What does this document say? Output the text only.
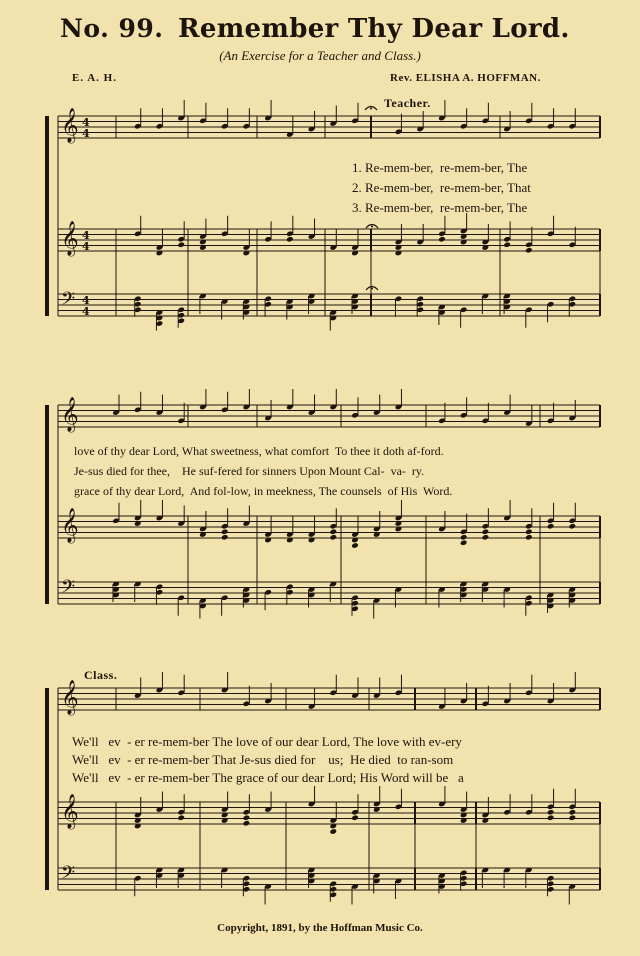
No. 99. Remember Thy Dear Lord.
(An Exercise for a Teacher and Class.)
E. A. H.	Rev. ELISHA A. HOFFMAN.
Teacher.
Class.
𝄞 4
4
𝄞 4
4
𝄢 4
4
𝄞
𝄞
𝄢
𝄞
𝄞
𝄢
1. Re-mem-ber,  re-mem-ber, The
2. Re-mem-ber,  re-mem-ber, That
3. Re-mem-ber,  re-mem-ber, The
love of thy dear Lord, What sweetness, what comfort  To thee it doth af-ford.
Je-sus died for thee,    He suf-fered for sinners Upon Mount Cal-  va-  ry.
grace of thy dear Lord,  And fol-low, in meekness, The counsels  of His  Word.
We'll   ev  - er re-mem-ber The love of our dear Lord, The love with ev-ery
We'll   ev  - er re-mem-ber That Je-sus died for    us;  He died  to ran-som
We'll   ev  - er re-mem-ber The grace of our dear Lord; His Word will be   a
Copyright, 1891, by the Hoffman Music Co.
